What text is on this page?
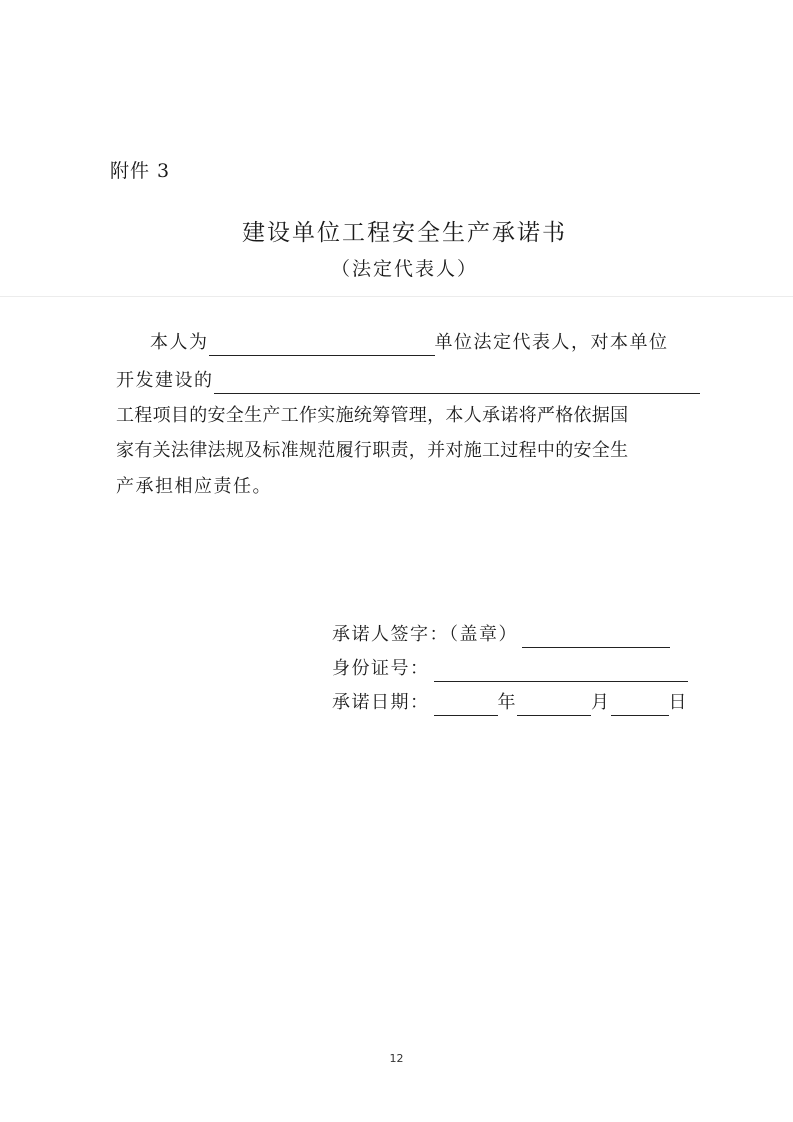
附件 3
建设单位工程安全生产承诺书
（法定代表人）
本人为	单位法定代表人，对本单位
开发建设的
工程项目的安全生产工作实施统筹管理，本人承诺将严格依据国
家有关法律法规及标准规范履行职责，并对施工过程中的安全生
产承担相应责任。
承诺人签字：（盖章）
身份证号：
承诺日期：	年	月	日
12
